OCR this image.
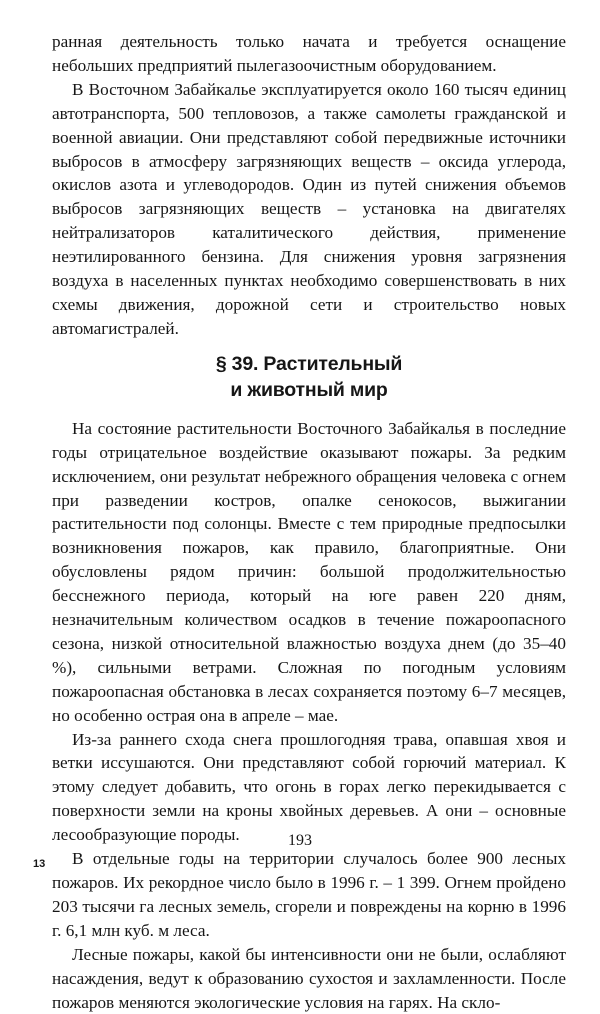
ранная деятельность только начата и требуется оснащение небольших предприятий пылегазоочистным оборудованием.

В Восточном Забайкалье эксплуатируется около 160 тысяч единиц автотранспорта, 500 тепловозов, а также самолеты гражданской и военной авиации. Они представляют собой передвижные источники выбросов в атмосферу загрязняющих веществ – оксида углерода, окислов азота и углеводородов. Один из путей снижения объемов выбросов загрязняющих веществ – установка на двигателях нейтрализаторов каталитического действия, применение неэтилированного бензина. Для снижения уровня загрязнения воздуха в населенных пунктах необходимо совершенствовать в них схемы движения, дорожной сети и строительство новых автомагистралей.

§ 39. Растительный
и животный мир

На состояние растительности Восточного Забайкалья в последние годы отрицательное воздействие оказывают пожары. За редким исключением, они результат небрежного обращения человека с огнем при разведении костров, опалке сенокосов, выжигании растительности под солонцы. Вместе с тем природные предпосылки возникновения пожаров, как правило, благоприятные. Они обусловлены рядом причин: большой продолжительностью бесснежного периода, который на юге равен 220 дням, незначительным количеством осадков в течение пожароопасного сезона, низкой относительной влажностью воздуха днем (до 35–40 %), сильными ветрами. Сложная по погодным условиям пожароопасная обстановка в лесах сохраняется поэтому 6–7 месяцев, но особенно острая она в апреле – мае.

Из-за раннего схода снега прошлогодняя трава, опавшая хвоя и ветки иссушаются. Они представляют собой горючий материал. К этому следует добавить, что огонь в горах легко перекидывается с поверхности земли на кроны хвойных деревьев. А они – основные лесообразующие породы.

В отдельные годы на территории случалось более 900 лесных пожаров. Их рекордное число было в 1996 г. – 1 399. Огнем пройдено 203 тысячи га лесных земель, сгорели и повреждены на корню в 1996 г. 6,1 млн куб. м леса.

Лесные пожары, какой бы интенсивности они не были, ослабляют насаждения, ведут к образованию сухостоя и захламленности. После пожаров меняются экологические условия на гарях. На скло-

193
13
